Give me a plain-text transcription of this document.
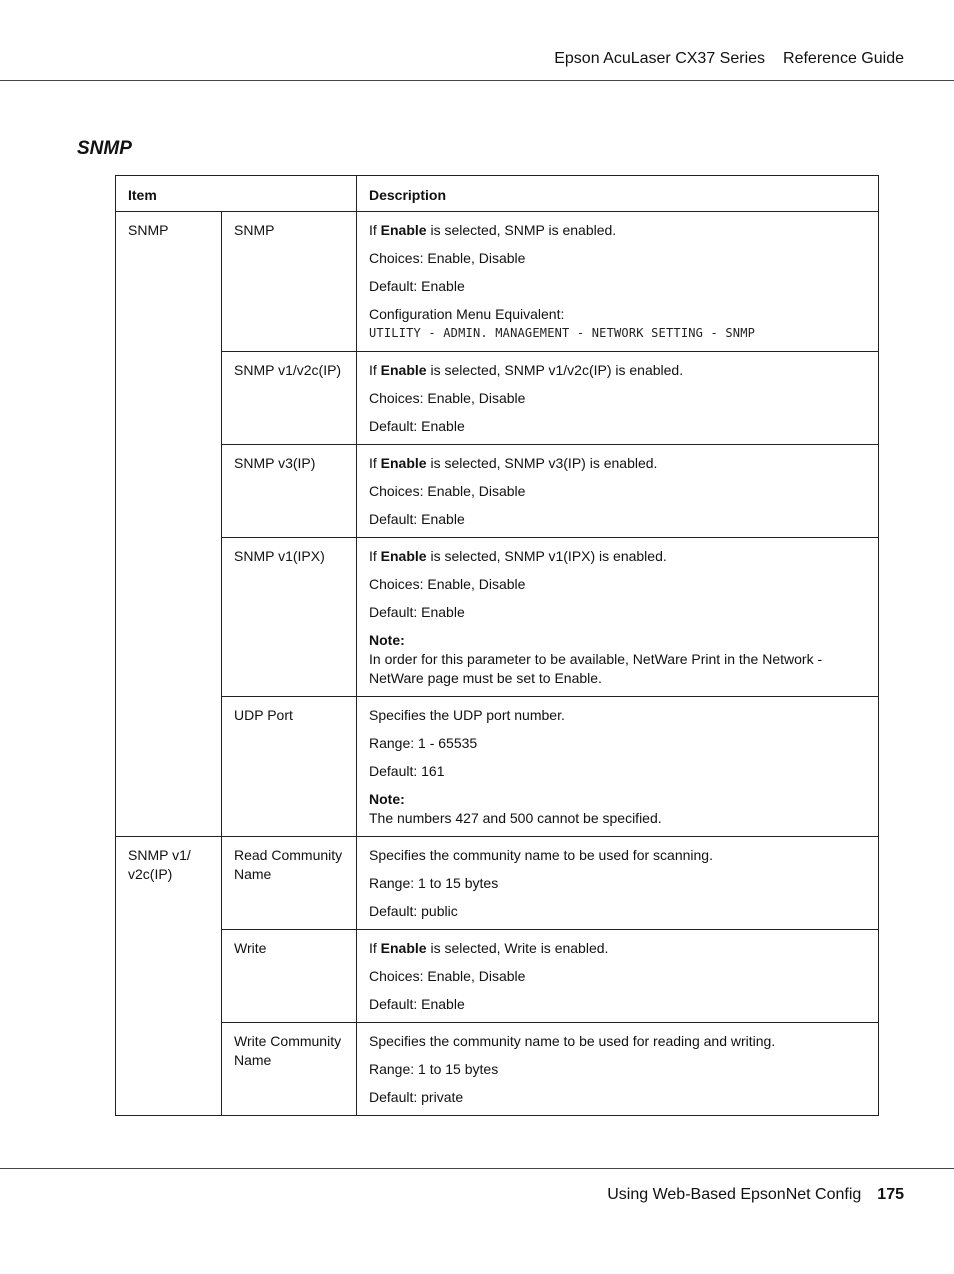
Epson AcuLaser CX37 Series Reference Guide
SNMP
Item		Description
SNMP	SNMP	If Enable is selected, SNMP is enabled.

Choices: Enable, Disable

Default: Enable

Configuration Menu Equivalent:
UTILITY - ADMIN. MANAGEMENT - NETWORK SETTING - SNMP

	SNMP v1/v2c(IP)	If Enable is selected, SNMP v1/v2c(IP) is enabled.

Choices: Enable, Disable

Default: Enable

	SNMP v3(IP)	If Enable is selected, SNMP v3(IP) is enabled.

Choices: Enable, Disable

Default: Enable

	SNMP v1(IPX)	If Enable is selected, SNMP v1(IPX) is enabled.

Choices: Enable, Disable

Default: Enable

Note:
In order for this parameter to be available, NetWare Print in the Network - NetWare page must be set to Enable.

	UDP Port	Specifies the UDP port number.

Range: 1 - 65535

Default: 161

Note:
The numbers 427 and 500 cannot be specified.

SNMP v1/ v2c(IP)	Read Community Name	Specifies the community name to be used for scanning.

Range: 1 to 15 bytes

Default: public

	Write	If Enable is selected, Write is enabled.

Choices: Enable, Disable

Default: Enable

	Write Community Name	Specifies the community name to be used for reading and writing.

Range: 1 to 15 bytes

Default: private

Using Web-Based EpsonNet Config 175
